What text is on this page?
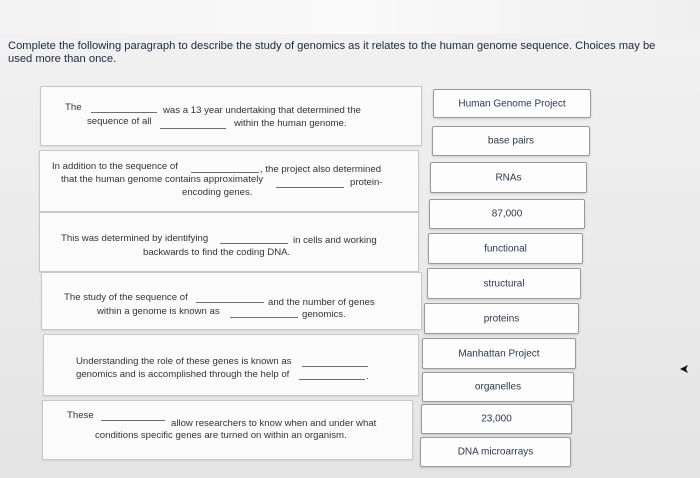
Complete the following paragraph to describe the study of genomics as it relates to the human genome sequence. Choices may be
used more than once.
The	was a 13 year undertaking that determined the
sequence of all	within the human genome.
In addition to the sequence of	, the project also determined
that the human genome contains approximately	protein-
encoding genes.
This was determined by identifying	in cells and working
backwards to find the coding DNA.
The study of the sequence of	and the number of genes
within a genome is known as	genomics.
Understanding the role of these genes is known as
genomics and is accomplished through the help of	.
These
allow researchers to know when and under what
conditions specific genes are turned on within an organism.
Human Genome Project
base pairs
RNAs
87,000
functional
structural
proteins
Manhattan Project
organelles
23,000
DNA microarrays
